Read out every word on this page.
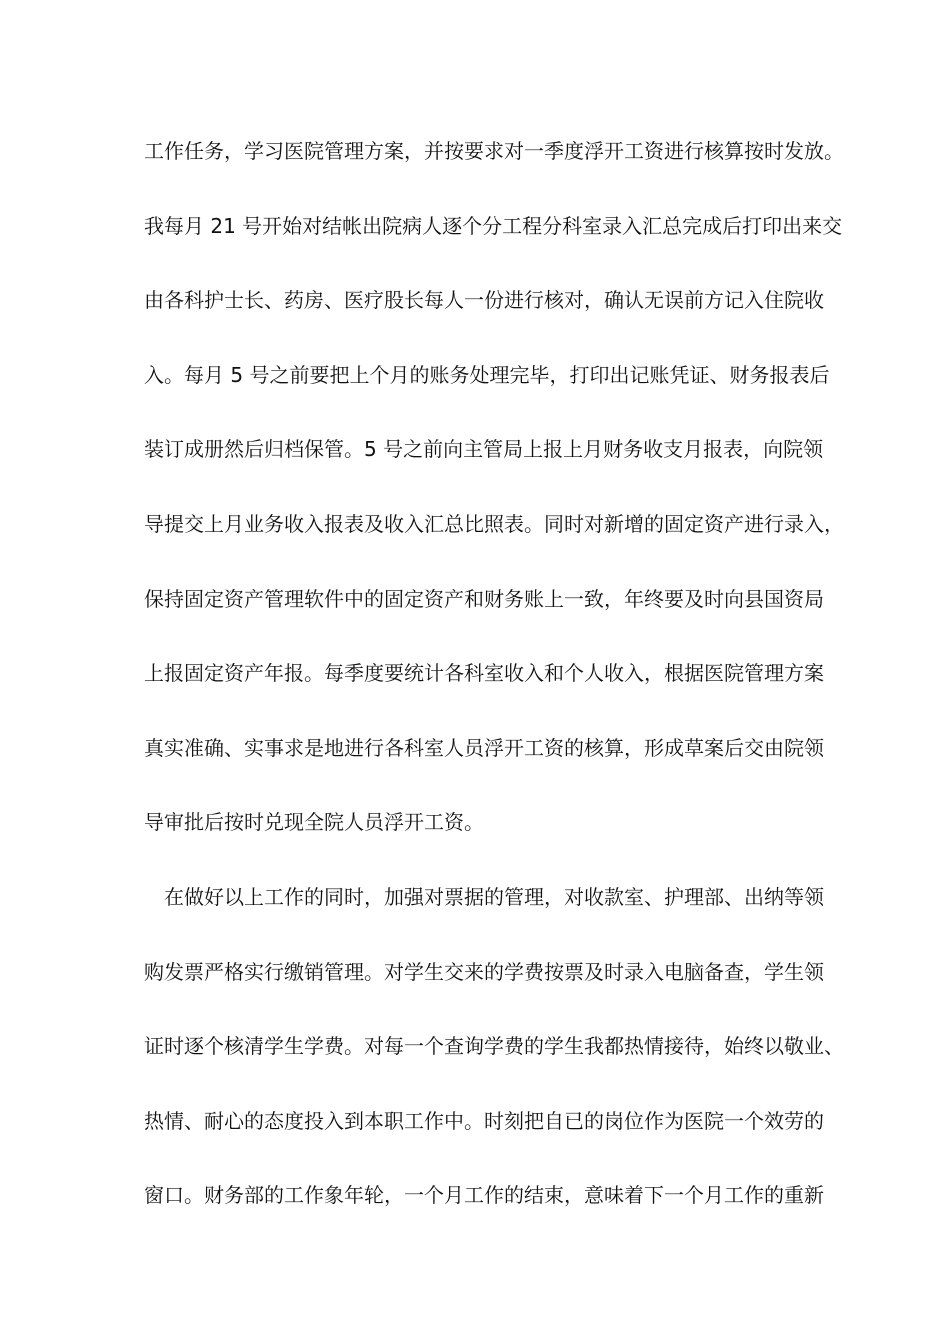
工作任务，学习医院管理方案，并按要求对一季度浮开工资进行核算按时发放。
我每月 21 号开始对结帐出院病人逐个分工程分科室录入汇总完成后打印出来交
由各科护士长、药房、医疗股长每人一份进行核对，确认无误前方记入住院收
入。每月 5 号之前要把上个月的账务处理完毕，打印出记账凭证、财务报表后
装订成册然后归档保管。5 号之前向主管局上报上月财务收支月报表，向院领
导提交上月业务收入报表及收入汇总比照表。同时对新增的固定资产进行录入，
保持固定资产管理软件中的固定资产和财务账上一致，年终要及时向县国资局
上报固定资产年报。每季度要统计各科室收入和个人收入，根据医院管理方案
真实准确、实事求是地进行各科室人员浮开工资的核算，形成草案后交由院领
导审批后按时兑现全院人员浮开工资。
　在做好以上工作的同时，加强对票据的管理，对收款室、护理部、出纳等领
购发票严格实行缴销管理。对学生交来的学费按票及时录入电脑备查，学生领
证时逐个核清学生学费。对每一个查询学费的学生我都热情接待，始终以敬业、
热情、耐心的态度投入到本职工作中。时刻把自已的岗位作为医院一个效劳的
窗口。财务部的工作象年轮，一个月工作的结束，意味着下一个月工作的重新
